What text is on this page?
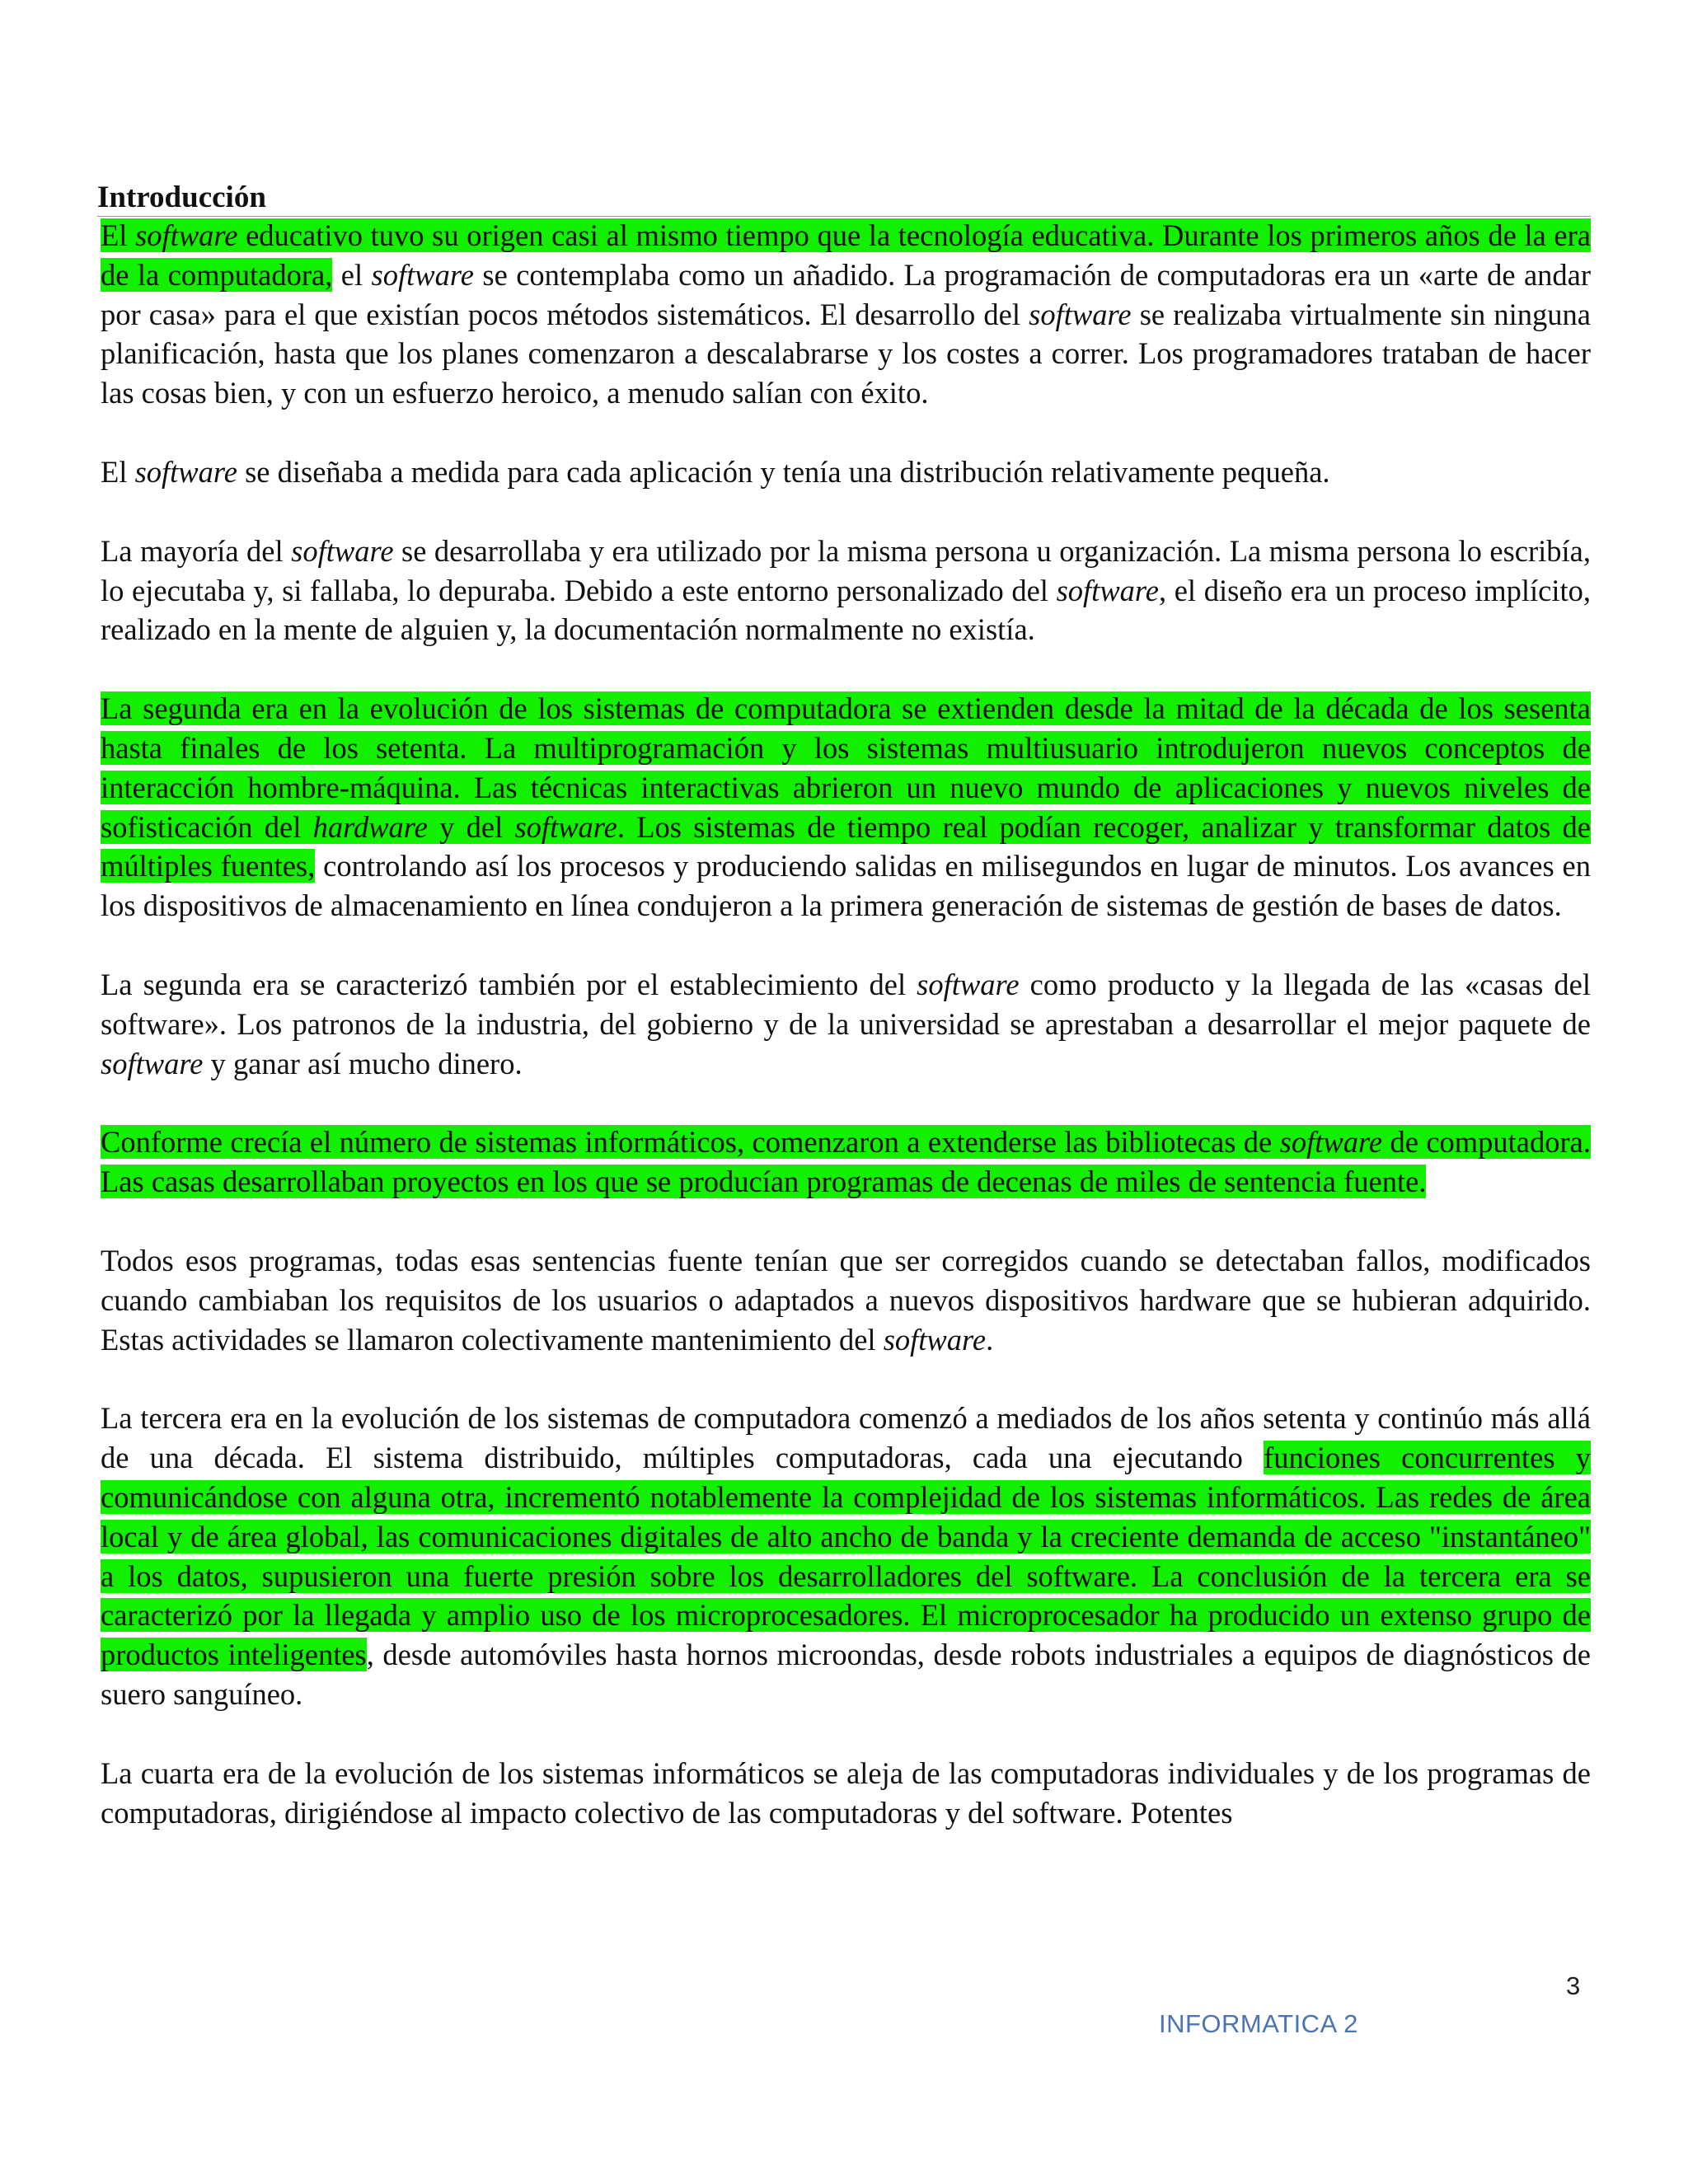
Introducción

El software educativo tuvo su origen casi al mismo tiempo que la tecnología educativa. Durante los primeros años de la era de la computadora, el software se contemplaba como un añadido. La programación de computadoras era un «arte de andar por casa» para el que existían pocos métodos sistemáticos. El desarrollo del software se realizaba virtualmente sin ninguna planificación, hasta que los planes comenzaron a descalabrarse y los costes a correr. Los programadores trataban de hacer las cosas bien, y con un esfuerzo heroico, a menudo salían con éxito.

El software se diseñaba a medida para cada aplicación y tenía una distribución relativamente pequeña.

La mayoría del software se desarrollaba y era utilizado por la misma persona u organización. La misma persona lo escribía, lo ejecutaba y, si fallaba, lo depuraba. Debido a este entorno personalizado del software, el diseño era un proceso implícito, realizado en la mente de alguien y, la documentación normalmente no existía.

La segunda era en la evolución de los sistemas de computadora se extienden desde la mitad de la década de los sesenta hasta finales de los setenta. La multiprogramación y los sistemas multiusuario introdujeron nuevos conceptos de interacción hombre-máquina. Las técnicas interactivas abrieron un nuevo mundo de aplicaciones y nuevos niveles de sofisticación del hardware y del software. Los sistemas de tiempo real podían recoger, analizar y transformar datos de múltiples fuentes, controlando así los procesos y produciendo salidas en milisegundos en lugar de minutos. Los avances en los dispositivos de almacenamiento en línea condujeron a la primera generación de sistemas de gestión de bases de datos.

La segunda era se caracterizó también por el establecimiento del software como producto y la llegada de las «casas del software». Los patronos de la industria, del gobierno y de la universidad se aprestaban a desarrollar el mejor paquete de software y ganar así mucho dinero.

Conforme crecía el número de sistemas informáticos, comenzaron a extenderse las bibliotecas de software de computadora. Las casas desarrollaban proyectos en los que se producían programas de decenas de miles de sentencia fuente.

Todos esos programas, todas esas sentencias fuente tenían que ser corregidos cuando se detectaban fallos, modificados cuando cambiaban los requisitos de los usuarios o adaptados a nuevos dispositivos hardware que se hubieran adquirido. Estas actividades se llamaron colectivamente mantenimiento del software.

La tercera era en la evolución de los sistemas de computadora comenzó a mediados de los años setenta y continúo más allá de una década. El sistema distribuido, múltiples computadoras, cada una ejecutando funciones concurrentes y comunicándose con alguna otra, incrementó notablemente la complejidad de los sistemas informáticos. Las redes de área local y de área global, las comunicaciones digitales de alto ancho de banda y la creciente demanda de acceso "instantáneo" a los datos, supusieron una fuerte presión sobre los desarrolladores del software. La conclusión de la tercera era se caracterizó por la llegada y amplio uso de los microprocesadores. El microprocesador ha producido un extenso grupo de productos inteligentes, desde automóviles hasta hornos microondas, desde robots industriales a equipos de diagnósticos de suero sanguíneo.

La cuarta era de la evolución de los sistemas informáticos se aleja de las computadoras individuales y de los programas de computadoras, dirigiéndose al impacto colectivo de las computadoras y del software. Potentes

3
INFORMATICA 2
